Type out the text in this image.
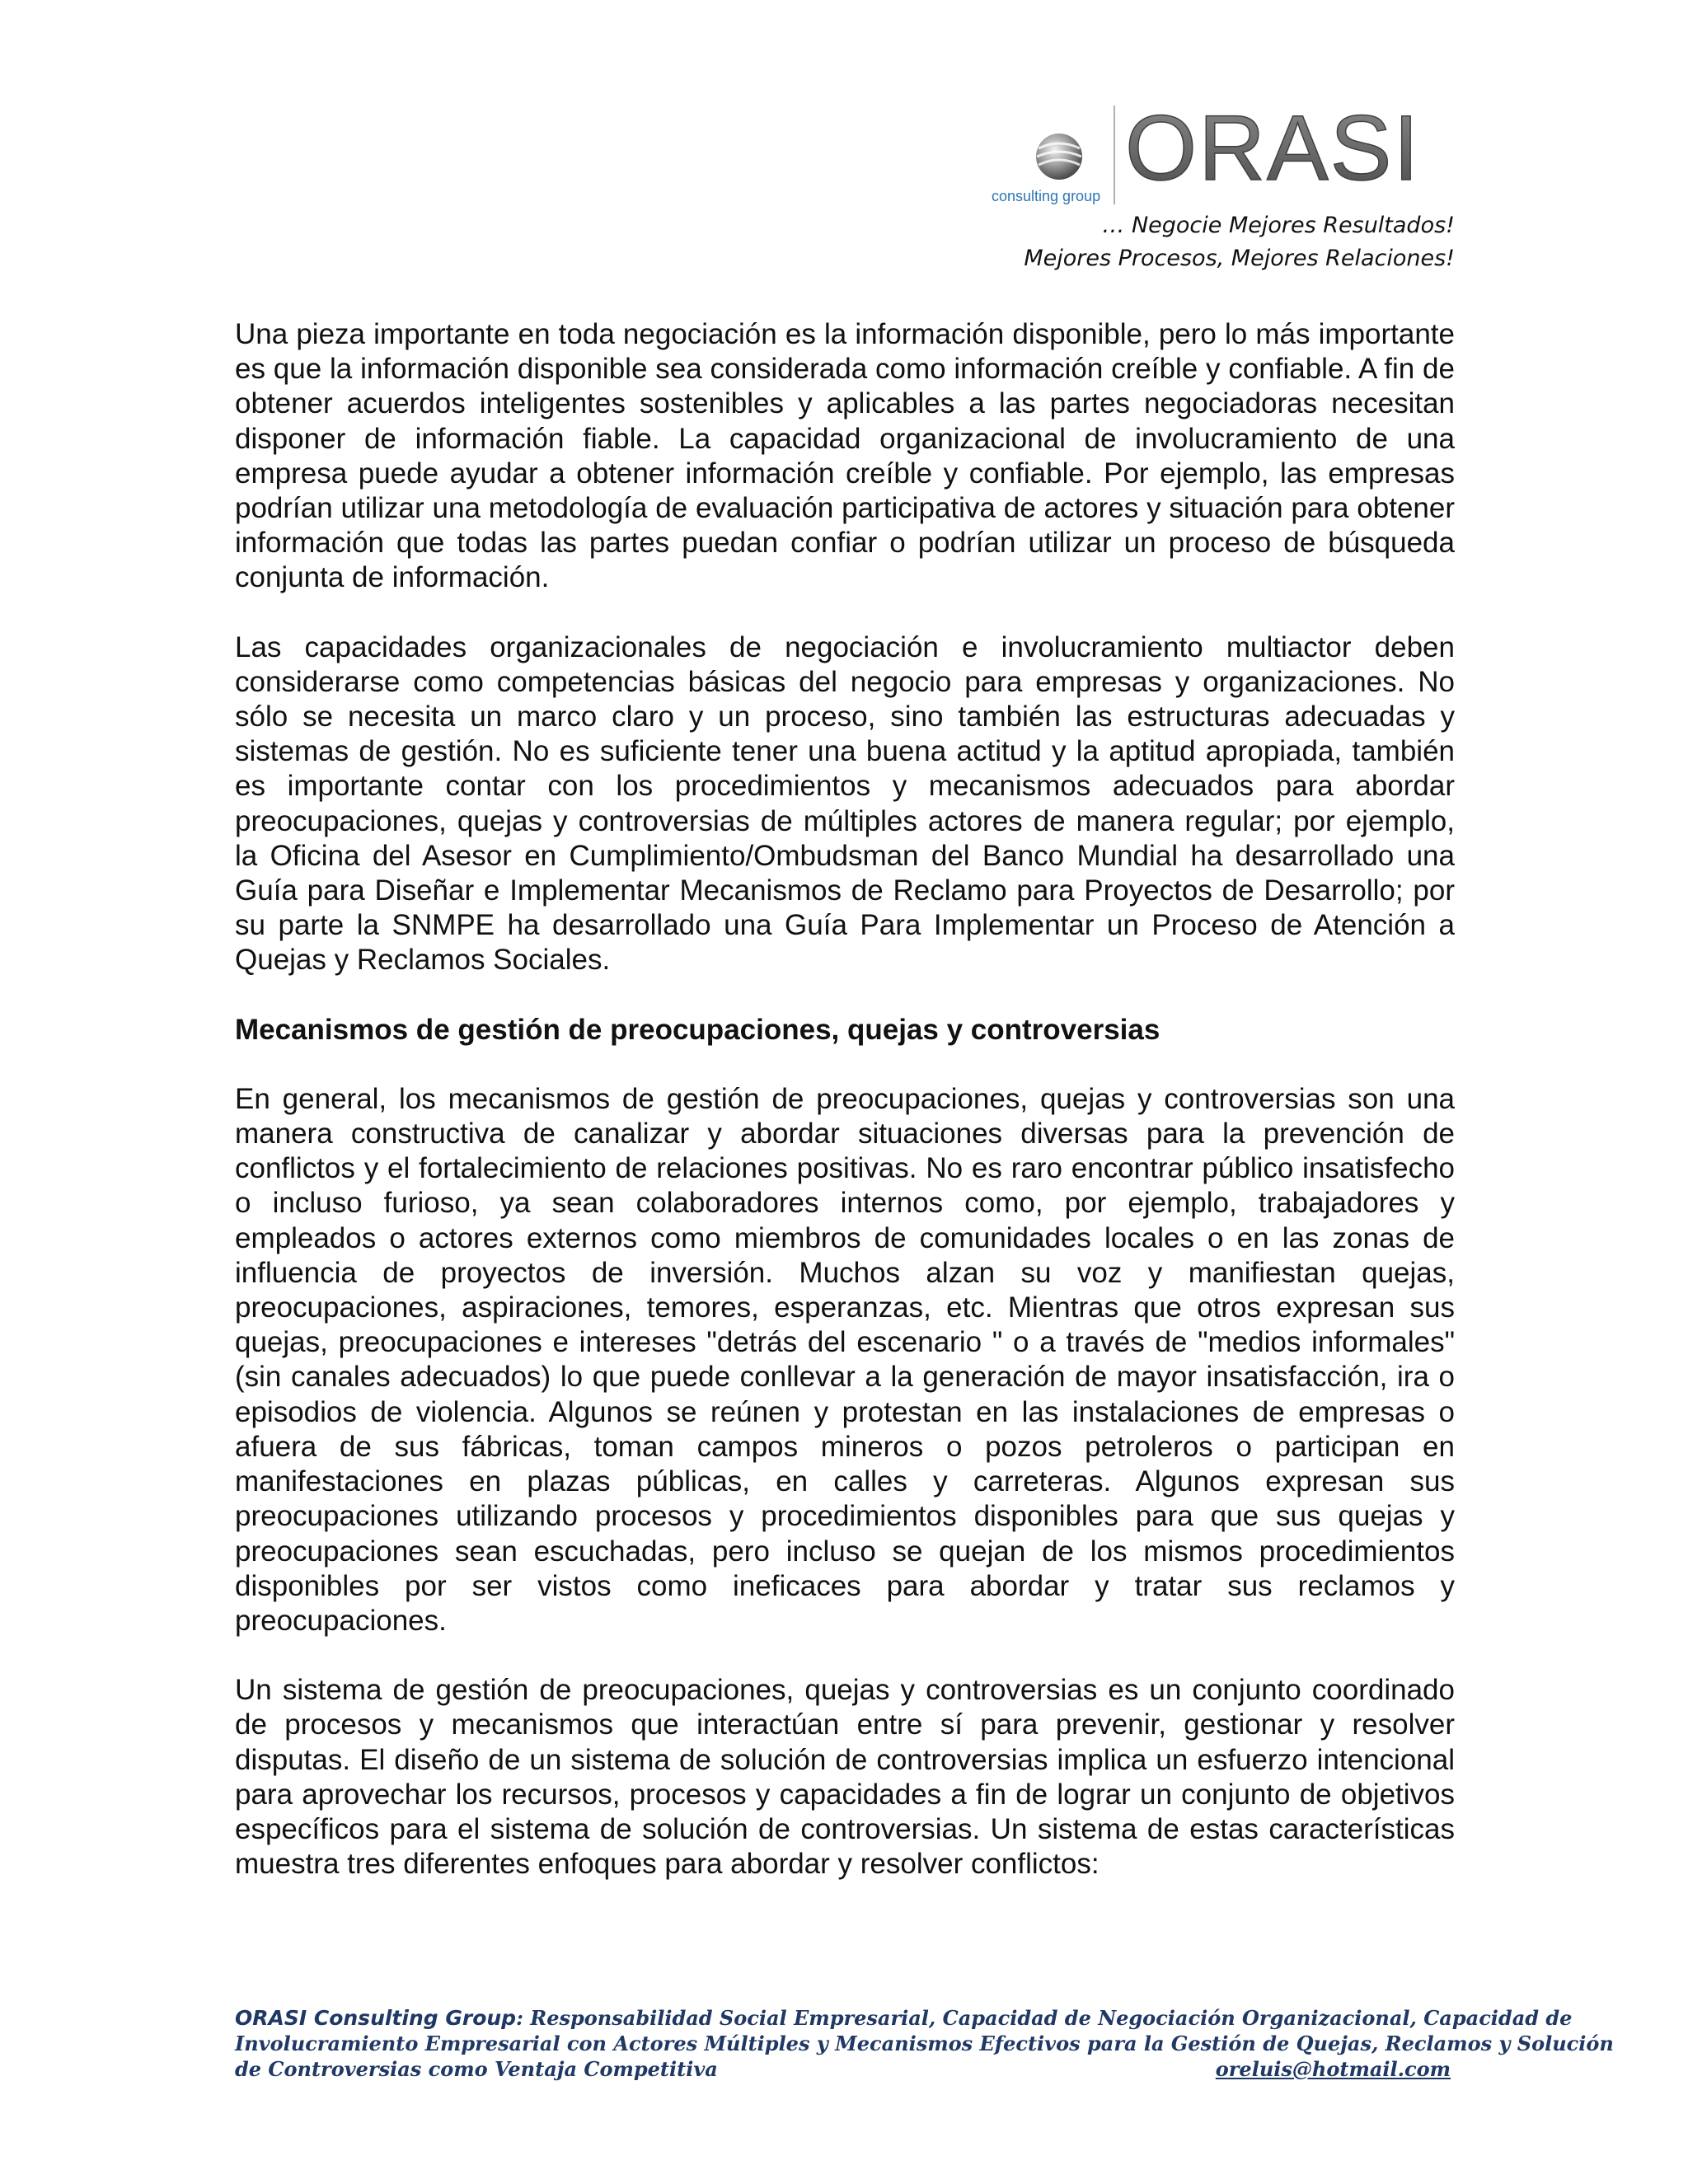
ORASI
consulting group
… Negocie Mejores Resultados!
Mejores Procesos, Mejores Relaciones!

Una pieza importante en toda negociación es la información disponible, pero lo más importante es que la información disponible sea considerada como información creíble y confiable. A fin de obtener acuerdos inteligentes sostenibles y aplicables a las partes negociadoras necesitan disponer de información fiable. La capacidad organizacional de involucramiento de una empresa puede ayudar a obtener información creíble y confiable. Por ejemplo, las empresas podrían utilizar una metodología de evaluación participativa de actores y situación para obtener información que todas las partes puedan confiar o podrían utilizar un proceso de búsqueda conjunta de información.

Las capacidades organizacionales de negociación e involucramiento multiactor deben considerarse como competencias básicas del negocio para empresas y organizaciones. No sólo se necesita un marco claro y un proceso, sino también las estructuras adecuadas y sistemas de gestión. No es suficiente tener una buena actitud y la aptitud apropiada, también es importante contar con los procedimientos y mecanismos adecuados para abordar preocupaciones, quejas y controversias de múltiples actores de manera regular; por ejemplo, la Oficina del Asesor en Cumplimiento/Ombudsman del Banco Mundial ha desarrollado una Guía para Diseñar e Implementar Mecanismos de Reclamo para Proyectos de Desarrollo; por su parte la SNMPE ha desarrollado una Guía Para Implementar un Proceso de Atención a Quejas y Reclamos Sociales.

Mecanismos de gestión de preocupaciones, quejas y controversias

En general, los mecanismos de gestión de preocupaciones, quejas y controversias son una manera constructiva de canalizar y abordar situaciones diversas para la prevención de conflictos y el fortalecimiento de relaciones positivas. No es raro encontrar público insatisfecho o incluso furioso, ya sean colaboradores internos como, por ejemplo, trabajadores y empleados o actores externos como miembros de comunidades locales o en las zonas de influencia de proyectos de inversión. Muchos alzan su voz y manifiestan quejas, preocupaciones, aspiraciones, temores, esperanzas, etc. Mientras que otros expresan sus quejas, preocupaciones e intereses "detrás del escenario " o a través de "medios informales" (sin canales adecuados) lo que puede conllevar a la generación de mayor insatisfacción, ira o episodios de violencia. Algunos se reúnen y protestan en las instalaciones de empresas o afuera de sus fábricas, toman campos mineros o pozos petroleros o participan en manifestaciones en plazas públicas, en calles y carreteras. Algunos expresan sus preocupaciones utilizando procesos y procedimientos disponibles para que sus quejas y preocupaciones sean escuchadas, pero incluso se quejan de los mismos procedimientos disponibles por ser vistos como ineficaces para abordar y tratar sus reclamos y preocupaciones.

Un sistema de gestión de preocupaciones, quejas y controversias es un conjunto coordinado de procesos y mecanismos que interactúan entre sí para prevenir, gestionar y resolver disputas. El diseño de un sistema de solución de controversias implica un esfuerzo intencional para aprovechar los recursos, procesos y capacidades a fin de lograr un conjunto de objetivos específicos para el sistema de solución de controversias. Un sistema de estas características muestra tres diferentes enfoques para abordar y resolver conflictos:

ORASI Consulting Group: Responsabilidad Social Empresarial, Capacidad de Negociación Organizacional, Capacidad de
Involucramiento Empresarial con Actores Múltiples y Mecanismos Efectivos para la Gestión de Quejas, Reclamos y Solución
de Controversias como Ventaja Competitiva	oreluis@hotmail.com
